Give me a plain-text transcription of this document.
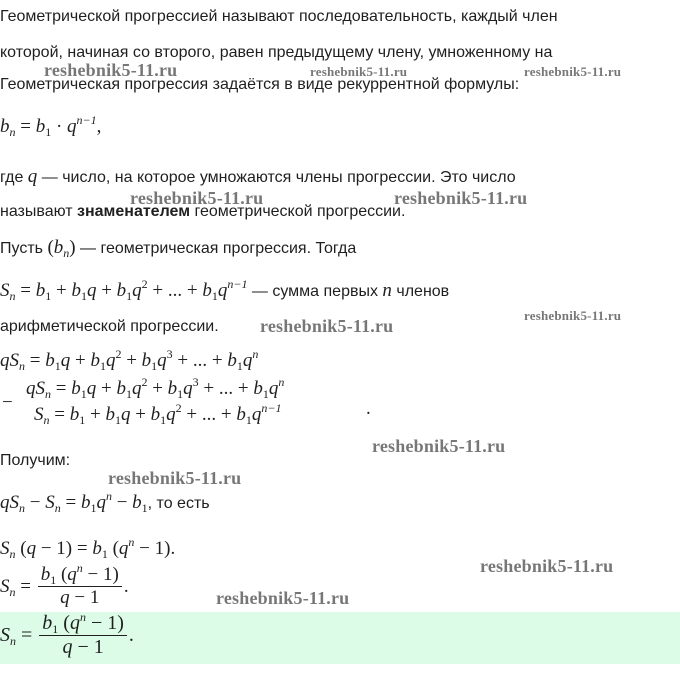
Геометрической прогрессией называют последовательность, каждый член
которой, начиная со второго, равен предыдущему члену, умноженному на
Геометрическая прогрессия задаётся в виде рекуррентной формулы:
$b_n = b_1 \cdot q^{n-1}$,
где q — число, на которое умножаются члены прогрессии. Это число
называют знаменателем геометрической прогрессии.
Пусть $(b_n)$ — геометрическая прогрессия. Тогда
$S_n = b_1 + b_1q + b_1q^2$ + ... + $b_1q^{n-1}$ — сумма первых n членов
арифметической прогрессии.
$qS_n = b_1q + b_1q^2 + b_1q^3$ + ... + $b_1q^n$
−
$qS_n = b_1q + b_1q^2 + b_1q^3$ + ... + $b_1q^n$
$S_n = b_1 + b_1q + b_1q^2$ + ... + $b_1q^{n-1}$	.
Получим:
$qS_n - S_n = b_1q^n - b_1$, то есть
$S_n$ $(q - 1) = b_1$ $(q^n - 1)$.
$S_n = \frac{b_1 (q^n - 1)}{q - 1}$ .
$S_n = \frac{b_1 (q^n - 1)}{q - 1}$ .
reshebnik5-11.ru	reshebnik5-11.ru	reshebnik5-11.ru
reshebnik5-11.ru	reshebnik5-11.ru
reshebnik5-11.ru
reshebnik5-11.ru
reshebnik5-11.ru
reshebnik5-11.ru
reshebnik5-11.ru
reshebnik5-11.ru
